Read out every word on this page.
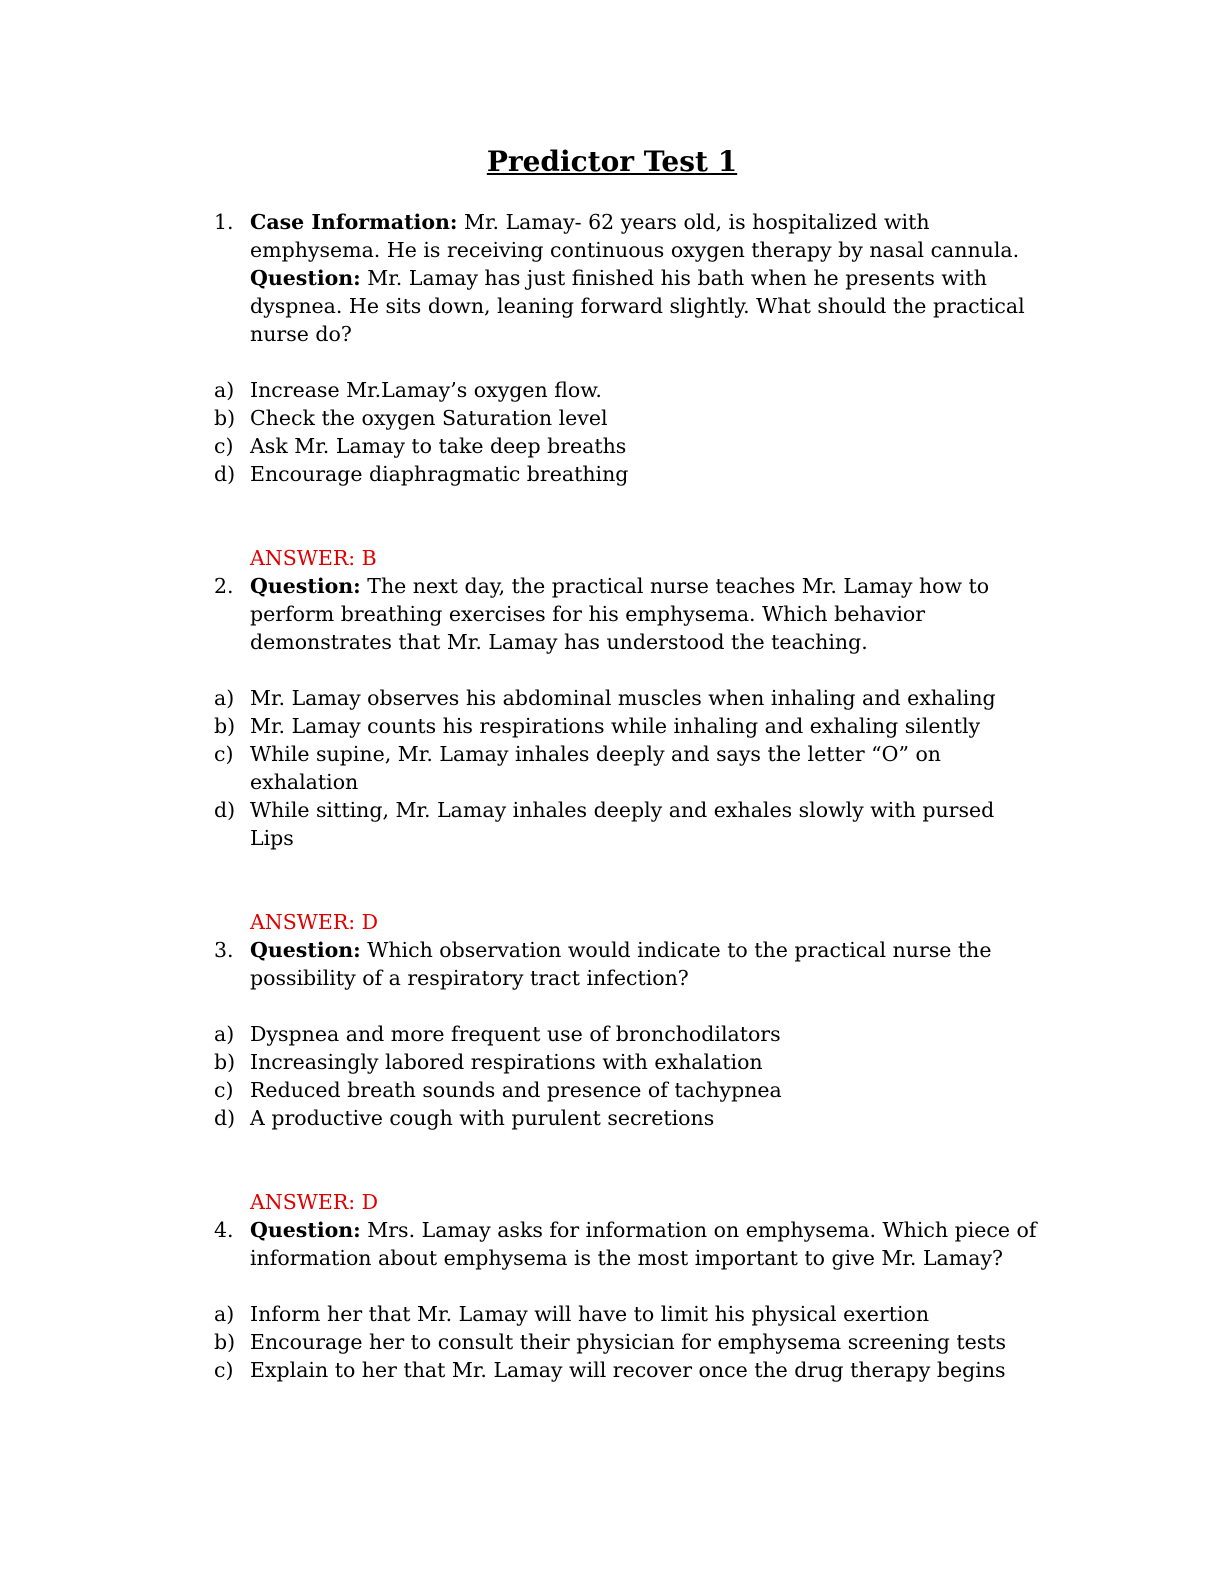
Predictor Test 1
1. Case Information: Mr. Lamay- 62 years old, is hospitalized with emphysema. He is receiving continuous oxygen therapy by nasal cannula.

Question: Mr. Lamay has just finished his bath when he presents with dyspnea. He sits down, leaning forward slightly. What should the practical nurse do?

a) Increase Mr.Lamay’s oxygen flow.
b) Check the oxygen Saturation level
c) Ask Mr. Lamay to take deep breaths
d) Encourage diaphragmatic breathing
ANSWER: B
2. Question: The next day, the practical nurse teaches Mr. Lamay how to perform breathing exercises for his emphysema. Which behavior demonstrates that Mr. Lamay has understood the teaching.

a) Mr. Lamay observes his abdominal muscles when inhaling and exhaling
b) Mr. Lamay counts his respirations while inhaling and exhaling silently
c) While supine, Mr. Lamay inhales deeply and says the letter “O” on exhalation
d) While sitting, Mr. Lamay inhales deeply and exhales slowly with pursed Lips
ANSWER: D
3. Question: Which observation would indicate to the practical nurse the possibility of a respiratory tract infection?

a) Dyspnea and more frequent use of bronchodilators
b) Increasingly labored respirations with exhalation
c) Reduced breath sounds and presence of tachypnea
d) A productive cough with purulent secretions
ANSWER: D
4. Question: Mrs. Lamay asks for information on emphysema. Which piece of information about emphysema is the most important to give Mr. Lamay?

a) Inform her that Mr. Lamay will have to limit his physical exertion
b) Encourage her to consult their physician for emphysema screening tests
c) Explain to her that Mr. Lamay will recover once the drug therapy begins
